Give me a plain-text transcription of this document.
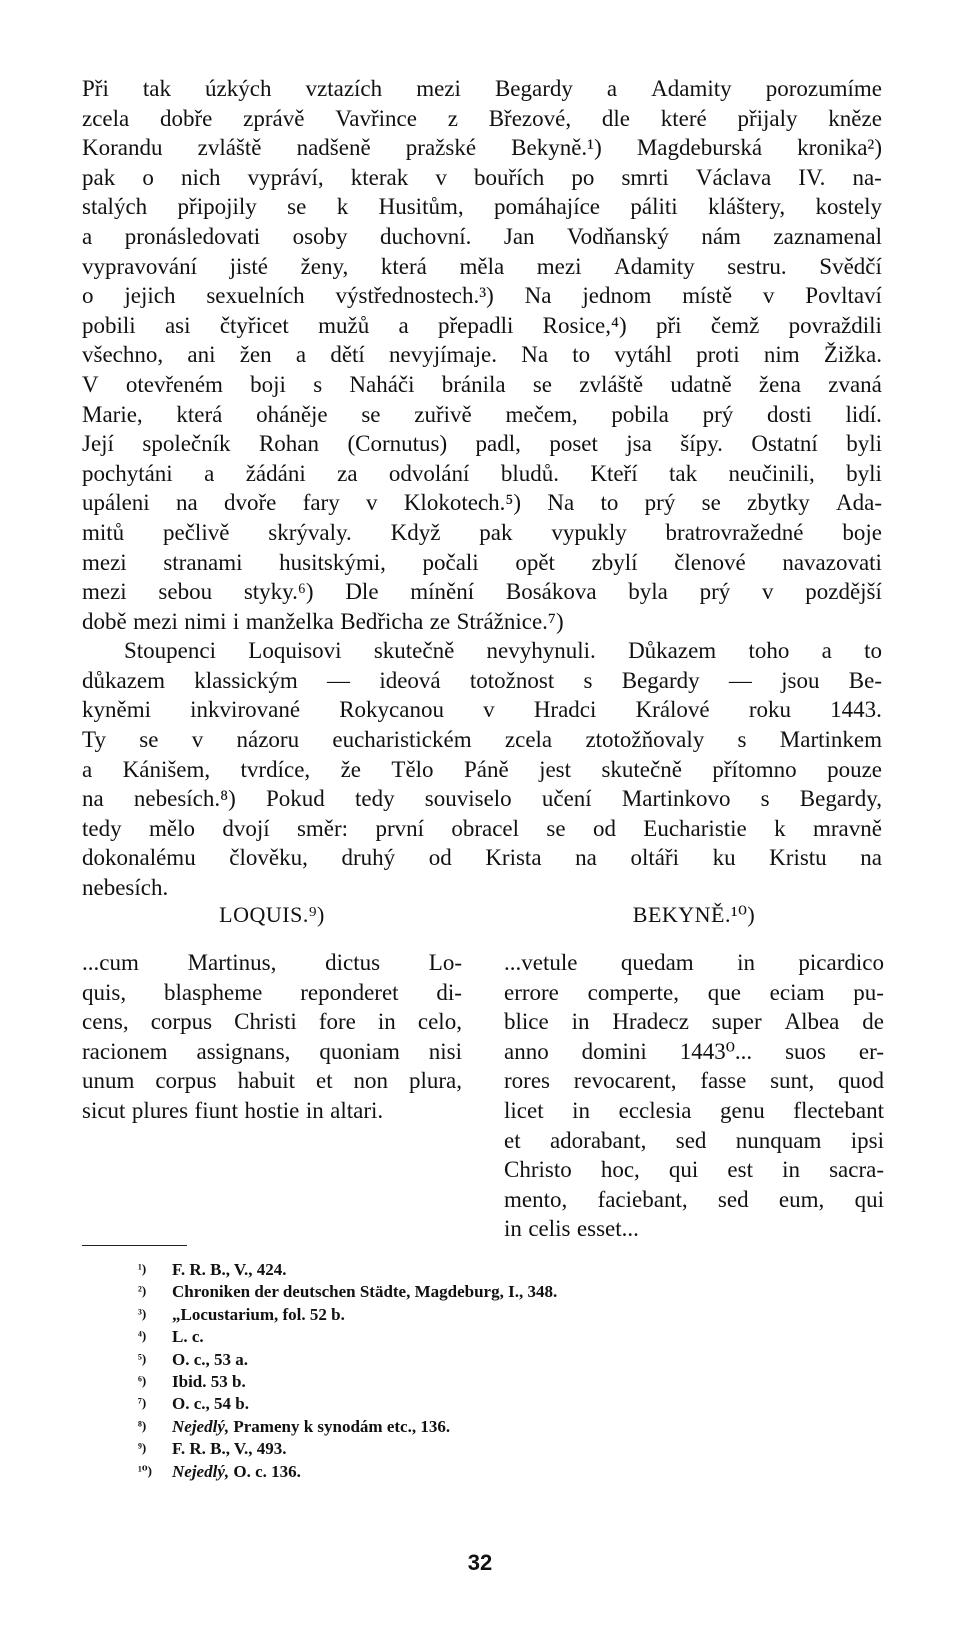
Při tak úzkých vztazích mezi Begardy a Adamity porozumíme
zcela dobře zprávě Vavřince z Březové, dle které přijaly kněze
Korandu zvláště nadšeně pražské Bekyně.¹) Magdeburská kronika²)
pak o nich vypráví, kterak v bouřích po smrti Václava IV. na-
stalých připojily se k Husitům, pomáhajíce páliti kláštery, kostely
a pronásledovati osoby duchovní. Jan Vodňanský nám zaznamenal
vypravování jisté ženy, která měla mezi Adamity sestru. Svědčí
o jejich sexuelních výstřednostech.³) Na jednom místě v Povltaví
pobili asi čtyřicet mužů a přepadli Rosice,⁴) při čemž povraždili
všechno, ani žen a dětí nevyjímaje. Na to vytáhl proti nim Žižka.
V otevřeném boji s Naháči bránila se zvláště udatně žena zvaná
Marie, která oháněje se zuřivě mečem, pobila prý dosti lidí.
Její společník Rohan (Cornutus) padl, poset jsa šípy. Ostatní byli
pochytáni a žádáni za odvolání bludů. Kteří tak neučinili, byli
upáleni na dvoře fary v Klokotech.⁵) Na to prý se zbytky Ada-
mitů pečlivě skrývaly. Když pak vypukly bratrovražedné boje
mezi stranami husitskými, počali opět zbylí členové navazovati
mezi sebou styky.⁶) Dle mínění Bosákova byla prý v pozdější
době mezi nimi i manželka Bedřicha ze Strážnice.⁷)
Stoupenci Loquisovi skutečně nevyhynuli. Důkazem toho a to
důkazem klassickým — ideová totožnost s Begardy — jsou Be-
kyněmi inkvirované Rokycanou v Hradci Králové roku 1443.
Ty se v názoru eucharistickém zcela ztotožňovaly s Martinkem
a Kánišem, tvrdíce, že Tělo Páně jest skutečně přítomno pouze
na nebesích.⁸) Pokud tedy souviselo učení Martinkovo s Begardy,
tedy mělo dvojí směr: první obracel se od Eucharistie k mravně
dokonalému člověku, druhý od Krista na oltáři ku Kristu na
nebesích.
LOQUIS.⁹)
...cum Martinus, dictus Lo-
quis, blaspheme reponderet di-
cens, corpus Christi fore in celo,
racionem assignans, quoniam nisi
unum corpus habuit et non plura,
sicut plures fiunt hostie in altari.
BEKYNĚ.¹⁰)
...vetule quedam in picardico
errore comperte, que eciam pu-
blice in Hradecz super Albea de
anno domini 1443⁰... suos er-
rores revocarent, fasse sunt, quod
licet in ecclesia genu flectebant
et adorabant, sed nunquam ipsi
Christo hoc, qui est in sacra-
mento, faciebant, sed eum, qui
in celis esset...
¹) F. R. B., V., 424.
²) Chroniken der deutschen Städte, Magdeburg, I., 348.
³) „Locustarium, fol. 52 b.
⁴) L. c.
⁵) O. c., 53 a.
⁶) Ibid. 53 b.
⁷) O. c., 54 b.
⁸) Nejedlý, Prameny k synodám etc., 136.
⁹) F. R. B., V., 493.
¹⁰) Nejedlý, O. c. 136.
32
